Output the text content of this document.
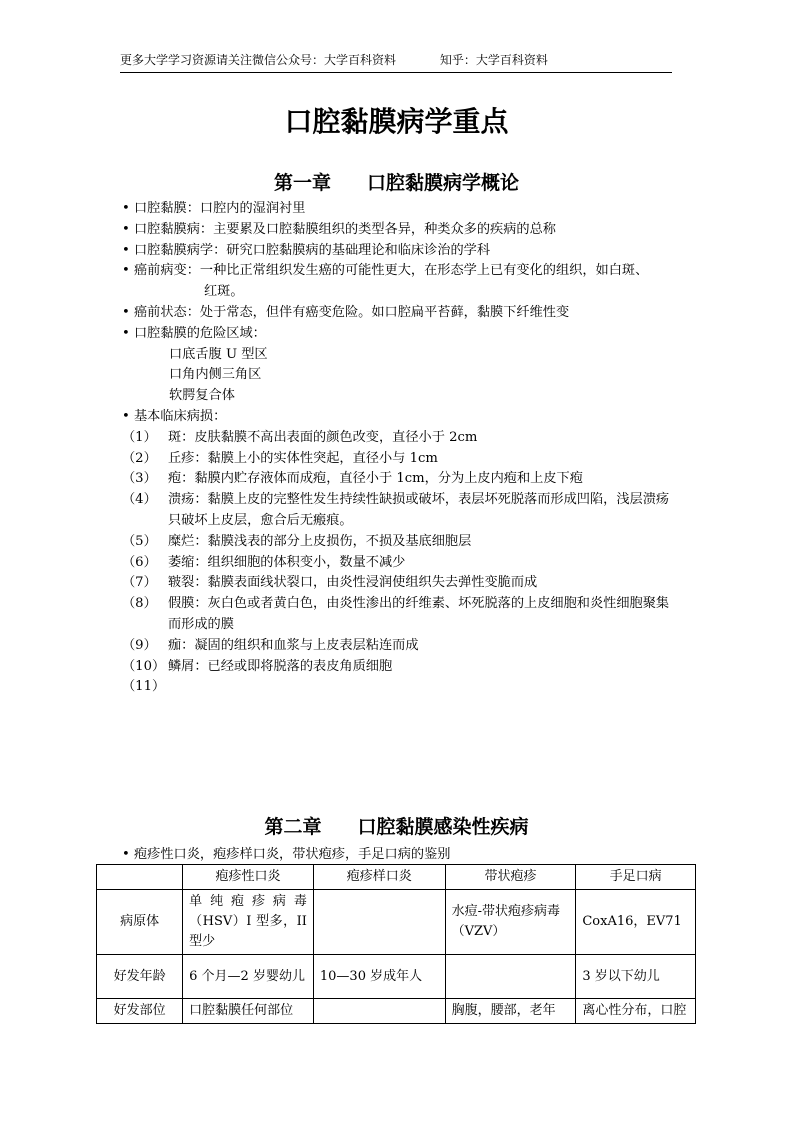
更多大学学习资源请关注微信公众号：大学百科资料	知乎：大学百科资料
口腔黏膜病学重点
第一章 口腔黏膜病学概论
•
口腔黏膜： 口腔内的湿润衬里
•
口腔黏膜病： 主要累及口腔黏膜组织的类型各异，种类众多的疾病的总称
•
口腔黏膜病学： 研究口腔黏膜病的基础理论和临床诊治的学科
•
癌前病变： 一种比正常组织发生癌的可能性更大，在形态学上已有变化的组织，如白斑、
红斑。
•
癌前状态： 处于常态，但伴有癌变危险。如口腔扁平苔藓，黏膜下纤维性变
•
口腔黏膜的危险区域：
口底舌腹 U 型区
口角内侧三角区
软腭复合体
• 基本临床病损：
（1） 斑：皮肤黏膜不高出表面的颜色改变，直径小于 2cm
（2） 丘疹：黏膜上小的实体性突起，直径小与 1cm
（3） 疱：黏膜内贮存液体而成疱，直径小于 1cm，分为上皮内疱和上皮下疱
（4） 溃疡：黏膜上皮的完整性发生持续性缺损或破坏，表层坏死脱落而形成凹陷，浅层溃疡只破坏上皮层，愈合后无瘢痕。
（5） 糜烂：黏膜浅表的部分上皮损伤，不损及基底细胞层
（6） 萎缩：组织细胞的体积变小，数量不减少
（7） 皲裂：黏膜表面线状裂口，由炎性浸润使组织失去弹性变脆而成
（8） 假膜：灰白色或者黄白色，由炎性渗出的纤维素、坏死脱落的上皮细胞和炎性细胞聚集而形成的膜
（9） 痂：凝固的组织和血浆与上皮表层粘连而成
（10） 鳞屑：已经或即将脱落的表皮角质细胞
（11）
第二章 口腔黏膜感染性疾病
• 疱疹性口炎，疱疹样口炎，带状疱疹，手足口病的鉴别
	疱疹性口炎	疱疹样口炎	带状疱疹	手足口病
病原体	单纯疱疹病毒（HSV）I 型多，II 型少		水痘-带状疱疹病毒（VZV）	CoxA16，EV71
好发年龄	6 个月—2 岁婴幼儿	10—30 岁成年人		3 岁以下幼儿
好发部位	口腔黏膜任何部位		胸腹，腰部，老年	离心性分布，口腔
